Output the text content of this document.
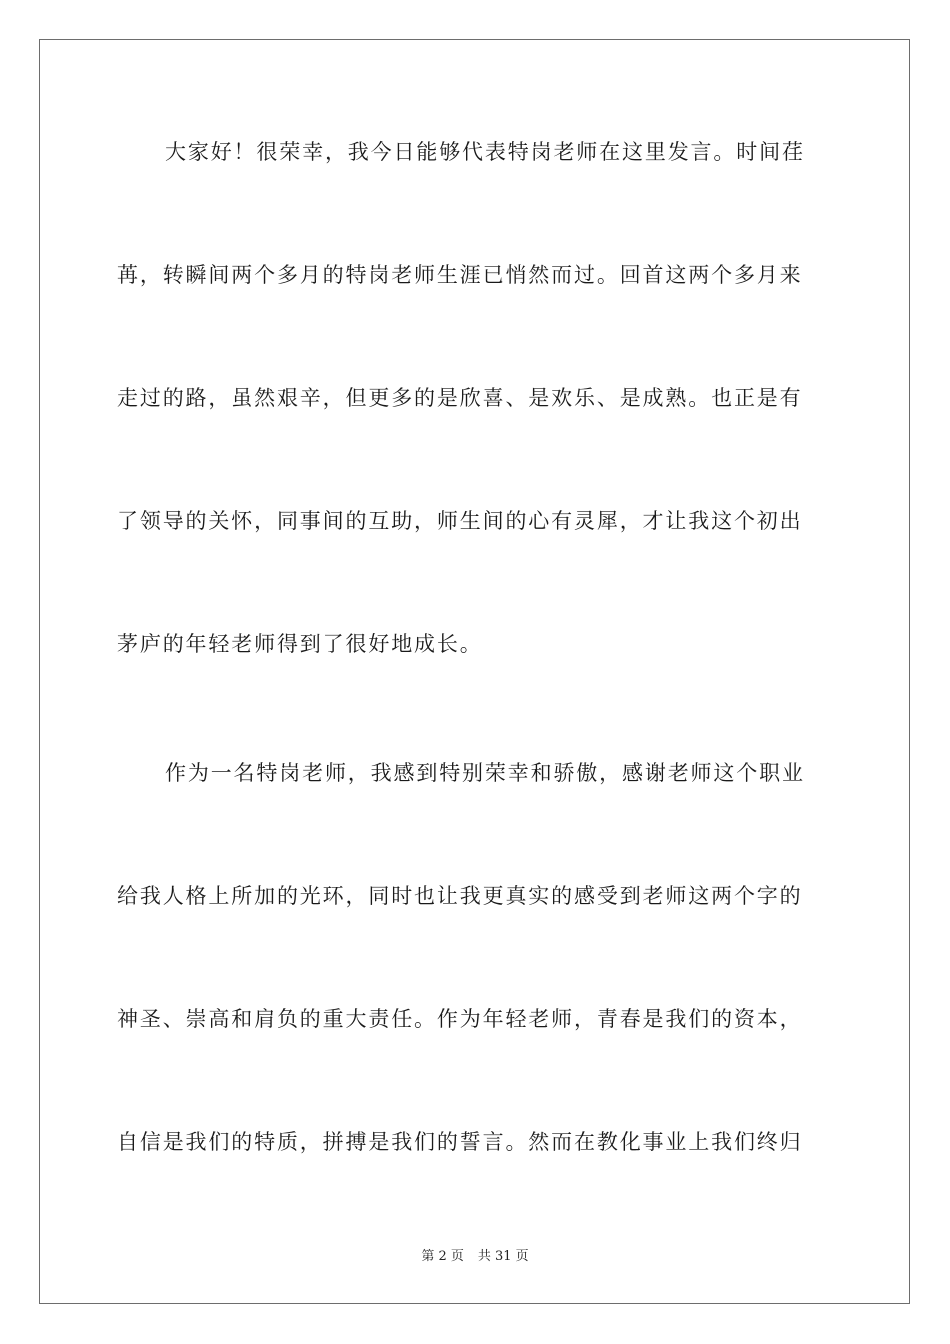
大家好！很荣幸，我今日能够代表特岗老师在这里发言。时间荏
苒，转瞬间两个多月的特岗老师生涯已悄然而过。回首这两个多月来
走过的路，虽然艰辛，但更多的是欣喜、是欢乐、是成熟。也正是有
了领导的关怀，同事间的互助，师生间的心有灵犀，才让我这个初出
茅庐的年轻老师得到了很好地成长。
作为一名特岗老师，我感到特别荣幸和骄傲，感谢老师这个职业
给我人格上所加的光环，同时也让我更真实的感受到老师这两个字的
神圣、崇高和肩负的重大责任。作为年轻老师，青春是我们的资本，
自信是我们的特质，拼搏是我们的誓言。然而在教化事业上我们终归
第 2 页 共 31 页
